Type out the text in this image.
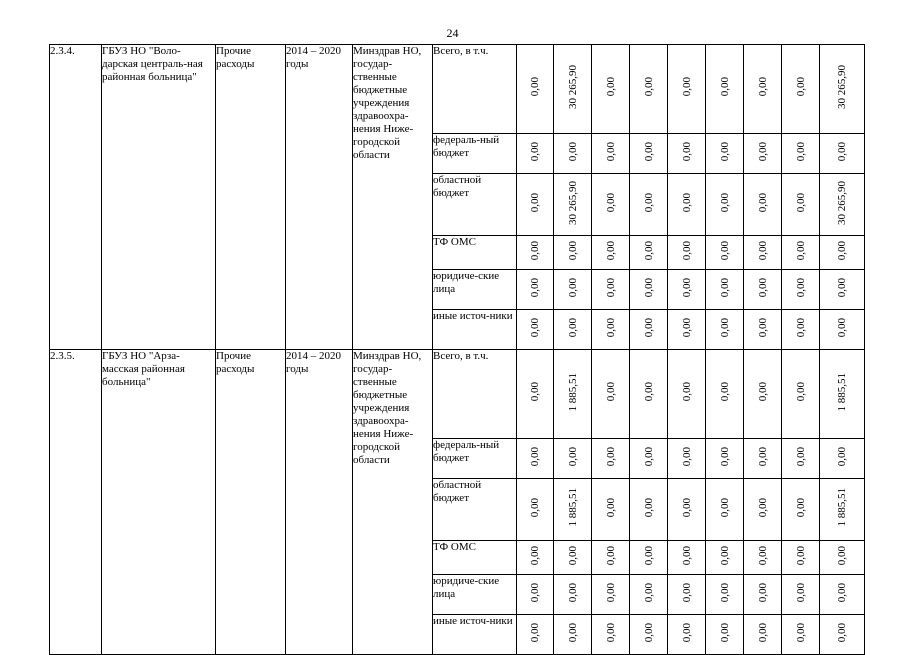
24
2.3.4.	ГБУЗ НО "Воло-дарская централь-ная районная больница"	Прочие расходы	2014 – 2020 годы	Минздрав НО, государ-ственные бюджетные учреждения здравоохра-нения Ниже-городской области	Всего, в т.ч.	0,00	30 265,90	0,00	0,00	0,00	0,00	0,00	0,00	30 265,90
					федераль-ный бюджет	0,00	0,00	0,00	0,00	0,00	0,00	0,00	0,00	0,00
					областной бюджет	0,00	30 265,90	0,00	0,00	0,00	0,00	0,00	0,00	30 265,90
					ТФ ОМС	0,00	0,00	0,00	0,00	0,00	0,00	0,00	0,00	0,00
					юридиче-ские лица	0,00	0,00	0,00	0,00	0,00	0,00	0,00	0,00	0,00
					иные источ-ники	0,00	0,00	0,00	0,00	0,00	0,00	0,00	0,00	0,00
2.3.5.	ГБУЗ НО "Арза-масская районная больница"	Прочие расходы	2014 – 2020 годы	Минздрав НО, государ-ственные бюджетные учреждения здравоохра-нения Ниже-городской области	Всего, в т.ч.	0,00	1 885,51	0,00	0,00	0,00	0,00	0,00	0,00	1 885,51
					федераль-ный бюджет	0,00	0,00	0,00	0,00	0,00	0,00	0,00	0,00	0,00
					областной бюджет	0,00	1 885,51	0,00	0,00	0,00	0,00	0,00	0,00	1 885,51
					ТФ ОМС	0,00	0,00	0,00	0,00	0,00	0,00	0,00	0,00	0,00
					юридиче-ские лица	0,00	0,00	0,00	0,00	0,00	0,00	0,00	0,00	0,00
					иные источ-ники	0,00	0,00	0,00	0,00	0,00	0,00	0,00	0,00	0,00
